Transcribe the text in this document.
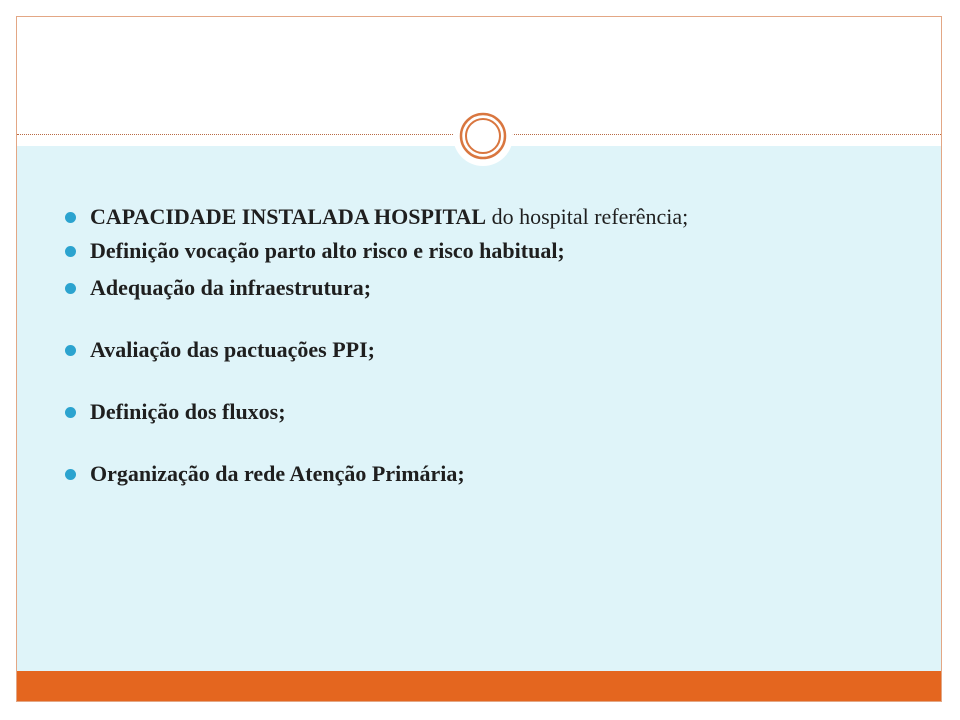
CAPACIDADE INSTALADA HOSPITAL do hospital referência;
Definição vocação parto alto risco e risco habitual;
Adequação da infraestrutura;
Avaliação das pactuações PPI;
Definição dos fluxos;
Organização da rede Atenção Primária;
